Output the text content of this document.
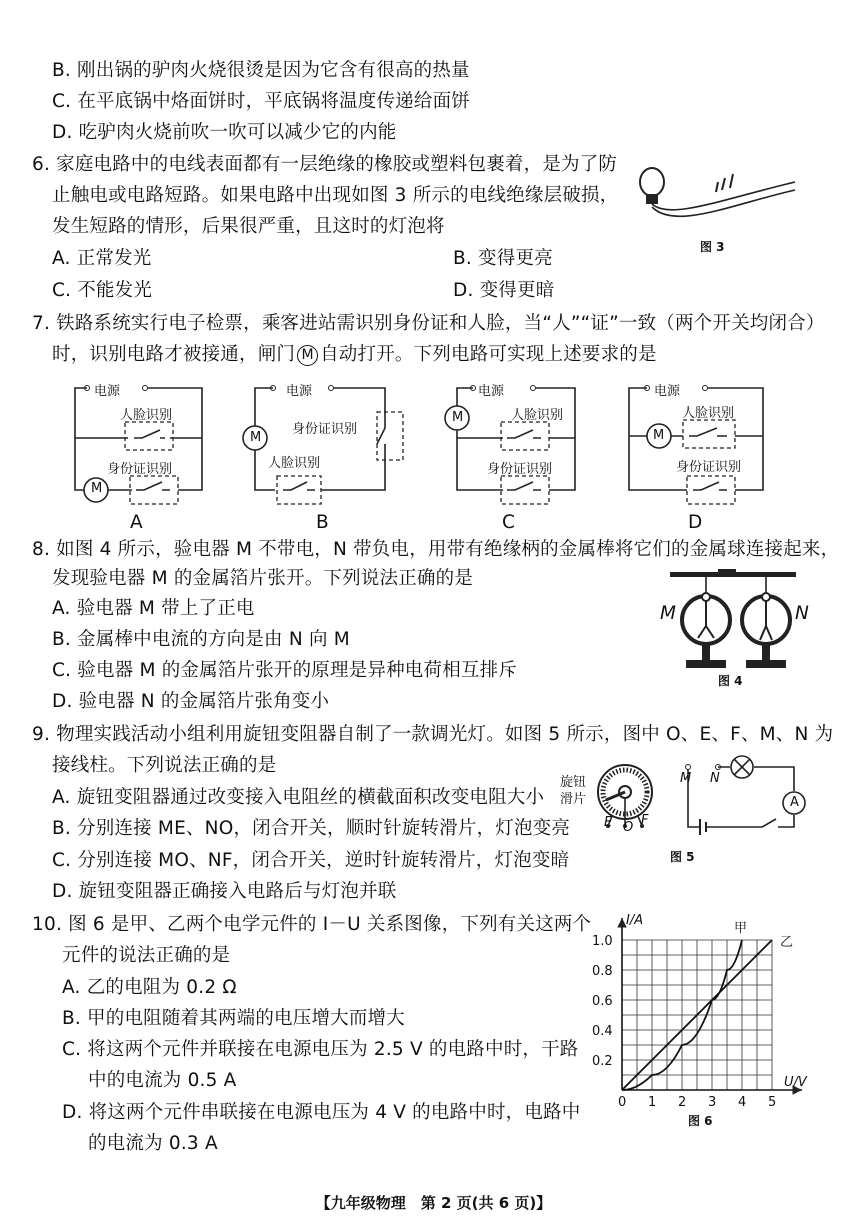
B. 刚出锅的驴肉火烧很烫是因为它含有很高的热量
C. 在平底锅中烙面饼时，平底锅将温度传递给面饼
D. 吃驴肉火烧前吹一吹可以减少它的内能
6. 家庭电路中的电线表面都有一层绝缘的橡胶或塑料包裹着，是为了防
止触电或电路短路。如果电路中出现如图 3 所示的电线绝缘层破损，
发生短路的情形，后果很严重，且这时的灯泡将
A. 正常发光	B. 变得更亮
C. 不能发光	D. 变得更暗
图 3
7. 铁路系统实行电子检票，乘客进站需识别身份证和人脸，当“人”“证”一致（两个开关均闭合）
时，识别电路才被接通，闸门 M 自动打开。下列电路可实现上述要求的是
电源
人脸识别
身份证识别
M
A
电源
身份证识别
人脸识别
M
B
电源
人脸识别
身份证识别
M
C
电源
人脸识别
身份证识别
M
D
8. 如图 4 所示，验电器 M 不带电，N 带负电，用带有绝缘柄的金属棒将它们的金属球连接起来，
发现验电器 M 的金属箔片张开。下列说法正确的是
A. 验电器 M 带上了正电
B. 金属棒中电流的方向是由 N 向 M
C. 验电器 M 的金属箔片张开的原理是异种电荷相互排斥
D. 验电器 N 的金属箔片张角变小
M	N
图 4
9. 物理实践活动小组利用旋钮变阻器自制了一款调光灯。如图 5 所示，图中 O、E、F、M、N 为
接线柱。下列说法正确的是
A. 旋钮变阻器通过改变接入电阻丝的横截面积改变电阻大小
B. 分别连接 ME、NO，闭合开关，顺时针旋转滑片，灯泡变亮
C. 分别连接 MO、NF，闭合开关，逆时针旋转滑片，灯泡变暗
D. 旋钮变阻器正确接入电路后与灯泡并联
旋钮
滑片
E O F
M N
A
图 5
10. 图 6 是甲、乙两个电学元件的 I－U 关系图像，下列有关这两个
元件的说法正确的是
A. 乙的电阻为 0.2 Ω
B. 甲的电阻随着其两端的电压增大而增大
C. 将这两个元件并联接在电源电压为 2.5 V 的电路中时，干路
中的电流为 0.5 A
D. 将这两个元件串联接在电源电压为 4 V 的电路中时，电路中
的电流为 0.3 A
0 1 2 3 4 5
0.2
0.4
0.6
0.8
1.0
U/V
I/A
甲
乙
图 6
【九年级物理　第 2 页(共 6 页)】
